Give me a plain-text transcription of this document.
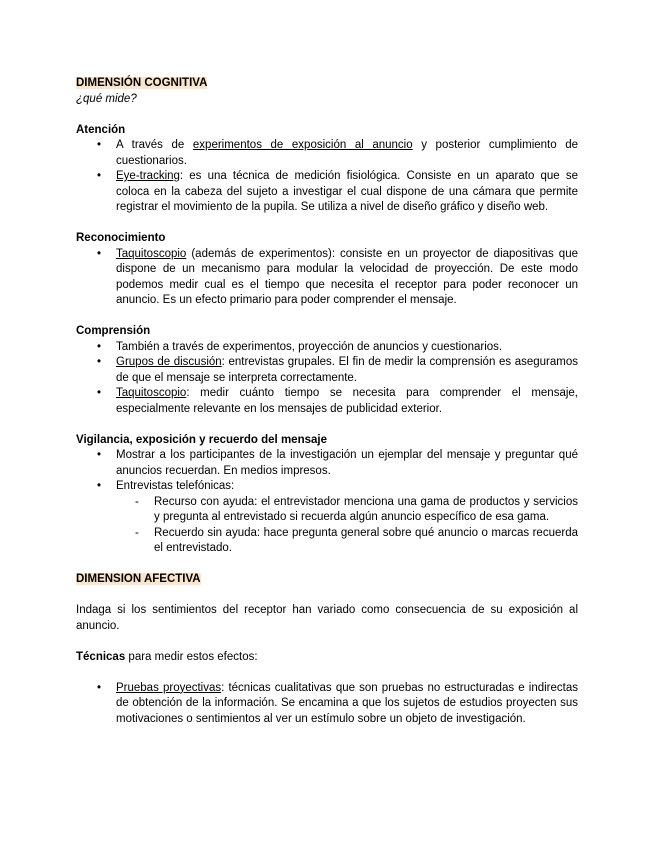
DIMENSIÓN COGNITIVA

¿qué mide?

Atención

• A través de experimentos de exposición al anuncio y posterior cumplimiento de cuestionarios.
• Eye-tracking: es una técnica de medición fisiológica. Consiste en un aparato que se coloca en la cabeza del sujeto a investigar el cual dispone de una cámara que permite registrar el movimiento de la pupila. Se utiliza a nivel de diseño gráfico y diseño web.

Reconocimiento

• Taquitoscopio (además de experimentos): consiste en un proyector de diapositivas que dispone de un mecanismo para modular la velocidad de proyección. De este modo podemos medir cual es el tiempo que necesita el receptor para poder reconocer un anuncio. Es un efecto primario para poder comprender el mensaje.

Comprensión

• También a través de experimentos, proyección de anuncios y cuestionarios.
• Grupos de discusión: entrevistas grupales. El fin de medir la comprensión es aseguramos de que el mensaje se interpreta correctamente.
• Taquitoscopio: medir cuánto tiempo se necesita para comprender el mensaje, especialmente relevante en los mensajes de publicidad exterior.

Vigilancia, exposición y recuerdo del mensaje

• Mostrar a los participantes de la investigación un ejemplar del mensaje y preguntar qué anuncios recuerdan. En medios impresos.
• Entrevistas telefónicas:
- Recurso con ayuda: el entrevistador menciona una gama de productos y servicios y pregunta al entrevistado si recuerda algún anuncio específico de esa gama.
- Recuerdo sin ayuda: hace pregunta general sobre qué anuncio o marcas recuerda el entrevistado.

DIMENSION AFECTIVA

Indaga si los sentimientos del receptor han variado como consecuencia de su exposición al anuncio.

Técnicas para medir estos efectos:

• Pruebas proyectivas: técnicas cualitativas que son pruebas no estructuradas e indirectas de obtención de la información. Se encamina a que los sujetos de estudios proyecten sus motivaciones o sentimientos al ver un estímulo sobre un objeto de investigación.
